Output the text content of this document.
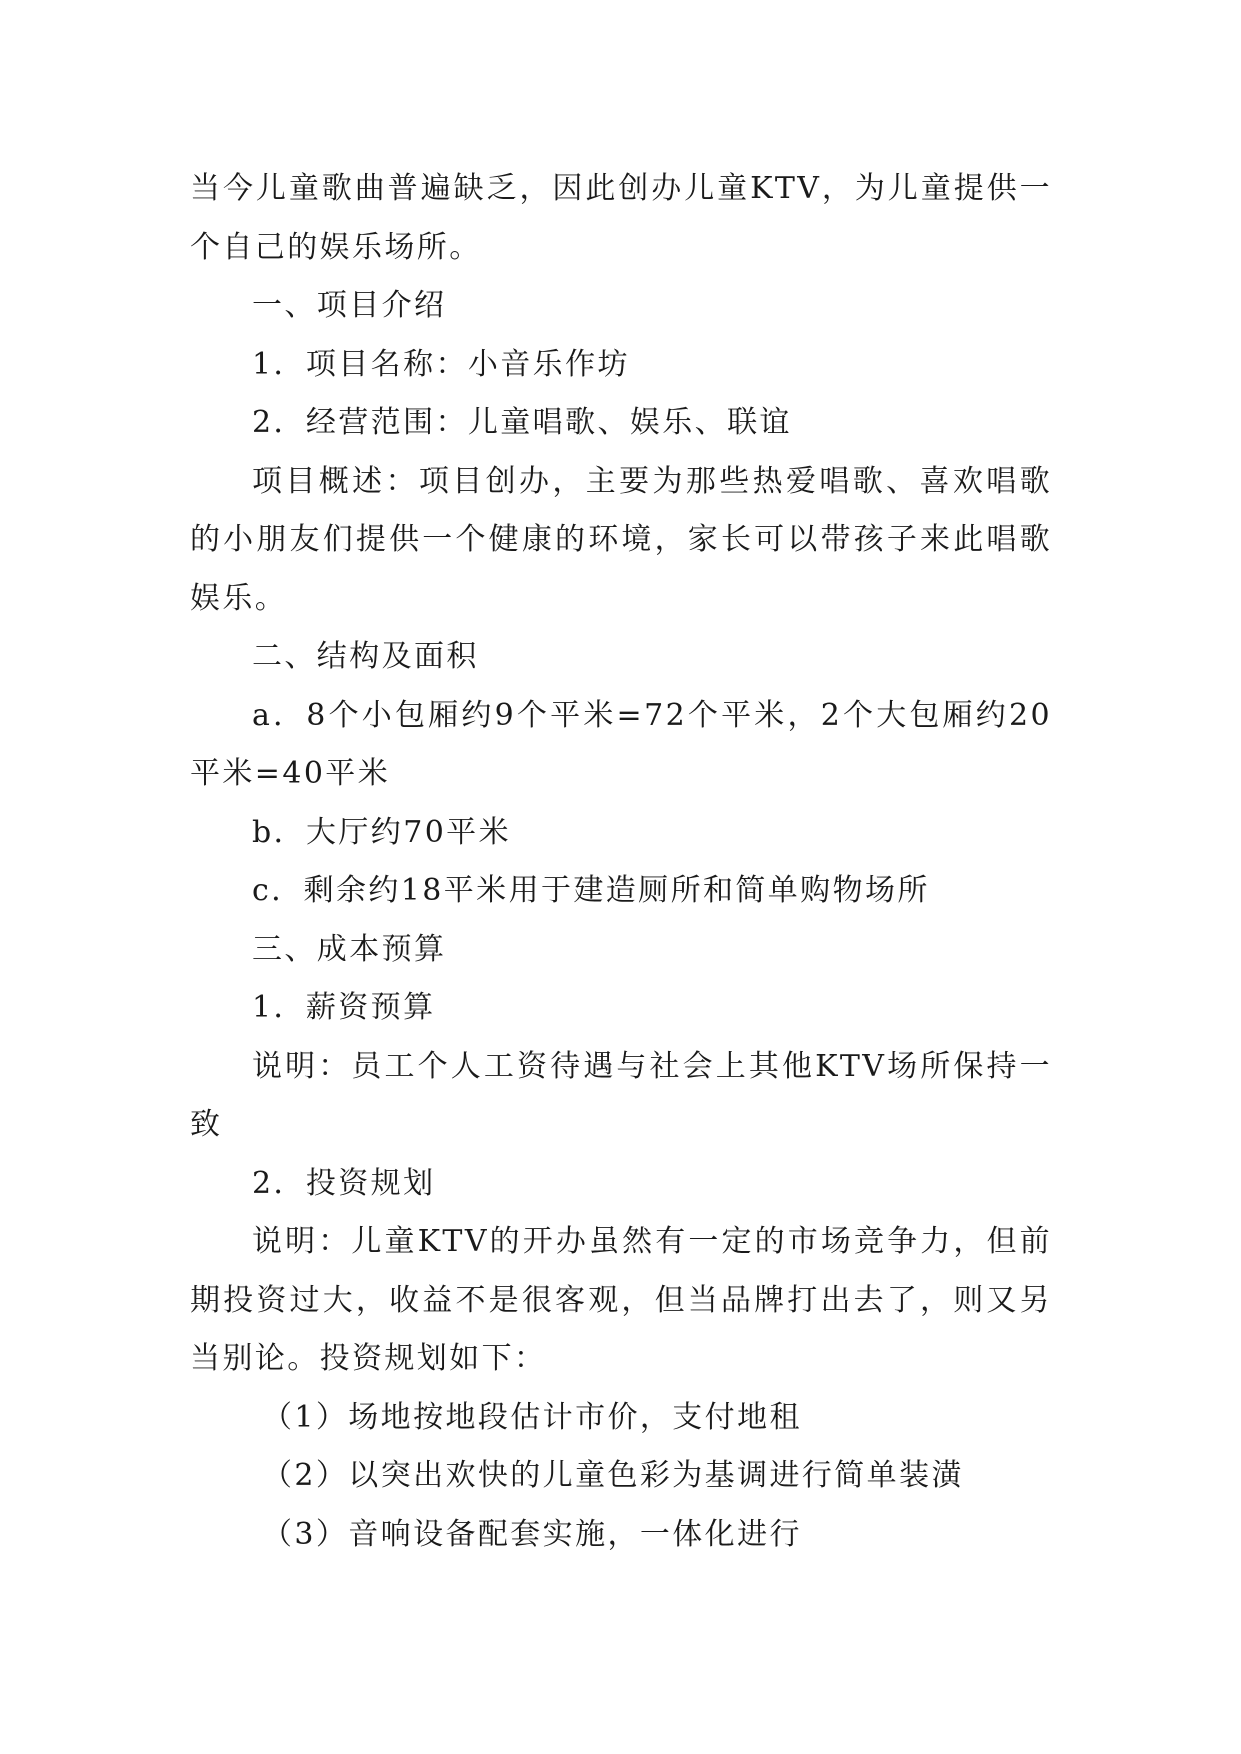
当今儿童歌曲普遍缺乏，因此创办儿童KTV，为儿童提供一个自己的娱乐场所。

一、项目介绍

1．项目名称：小音乐作坊

2．经营范围：儿童唱歌、娱乐、联谊

项目概述：项目创办，主要为那些热爱唱歌、喜欢唱歌的小朋友们提供一个健康的环境，家长可以带孩子来此唱歌娱乐。

二、结构及面积

a．8个小包厢约9个平米=72个平米，2个大包厢约20平米=40平米

b．大厅约70平米

c．剩余约18平米用于建造厕所和简单购物场所

三、成本预算

1．薪资预算

说明：员工个人工资待遇与社会上其他KTV场所保持一致

2．投资规划

说明：儿童KTV的开办虽然有一定的市场竞争力，但前期投资过大，收益不是很客观，但当品牌打出去了，则又另当别论。投资规划如下：

（1）场地按地段估计市价，支付地租

（2）以突出欢快的儿童色彩为基调进行简单装潢

（3）音响设备配套实施，一体化进行
